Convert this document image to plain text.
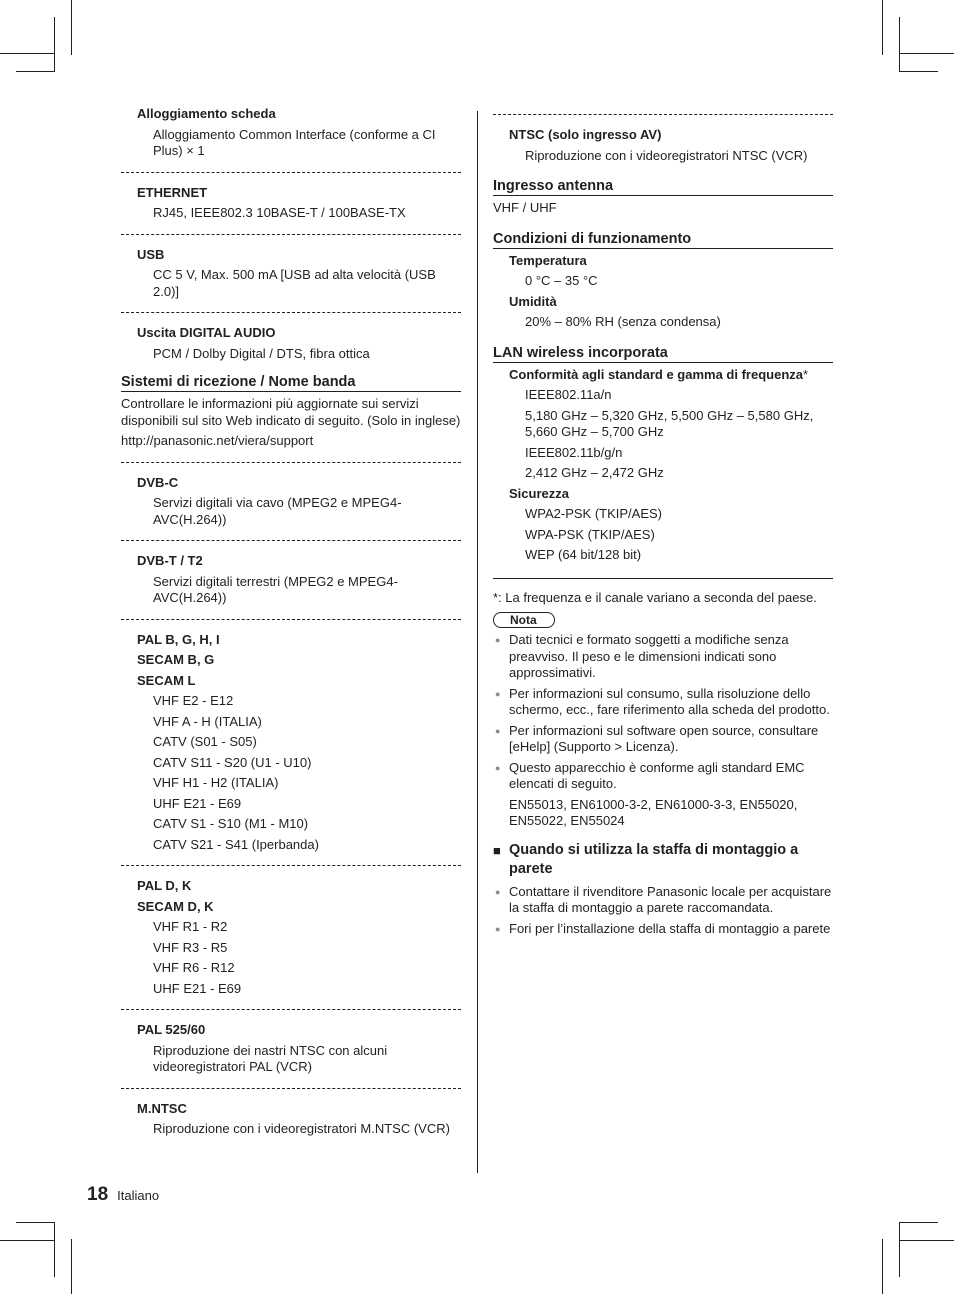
Alloggiamento scheda
Alloggiamento Common Interface (conforme a CI Plus) × 1
ETHERNET
RJ45, IEEE802.3 10BASE-T / 100BASE-TX
USB
CC 5 V, Max. 500 mA [USB ad alta velocità (USB 2.0)]
Uscita DIGITAL AUDIO
PCM / Dolby Digital / DTS, fibra ottica
Sistemi di ricezione / Nome banda
Controllare le informazioni più aggiornate sui servizi disponibili sul sito Web indicato di seguito. (Solo in inglese)
http://panasonic.net/viera/support
DVB-C
Servizi digitali via cavo (MPEG2 e MPEG4-AVC(H.264))
DVB-T / T2
Servizi digitali terrestri (MPEG2 e MPEG4-AVC(H.264))
PAL B, G, H, I
SECAM B, G
SECAM L
VHF E2 - E12
VHF A - H (ITALIA)
CATV (S01 - S05)
CATV S11 - S20 (U1 - U10)
VHF H1 - H2 (ITALIA)
UHF E21 - E69
CATV S1 - S10 (M1 - M10)
CATV S21 - S41 (Iperbanda)
PAL D, K
SECAM D, K
VHF R1 - R2
VHF R3 - R5
VHF R6 - R12
UHF E21 - E69
PAL 525/60
Riproduzione dei nastri NTSC con alcuni videoregistratori PAL (VCR)
M.NTSC
Riproduzione con i videoregistratori M.NTSC (VCR)
NTSC (solo ingresso AV)
Riproduzione con i videoregistratori NTSC (VCR)
Ingresso antenna
VHF / UHF
Condizioni di funzionamento
Temperatura
0 °C – 35 °C
Umidità
20% – 80% RH (senza condensa)
LAN wireless incorporata
Conformità agli standard e gamma di frequenza*
IEEE802.11a/n
5,180 GHz – 5,320 GHz, 5,500 GHz – 5,580 GHz, 5,660 GHz – 5,700 GHz
IEEE802.11b/g/n
2,412 GHz – 2,472 GHz
Sicurezza
WPA2-PSK (TKIP/AES)
WPA-PSK (TKIP/AES)
WEP (64 bit/128 bit)
*: La frequenza e il canale variano a seconda del paese.
Nota
● Dati tecnici e formato soggetti a modifiche senza preavviso. Il peso e le dimensioni indicati sono approssimativi.
● Per informazioni sul consumo, sulla risoluzione dello schermo, ecc., fare riferimento alla scheda del prodotto.
● Per informazioni sul software open source, consultare [eHelp] (Supporto > Licenza).
● Questo apparecchio è conforme agli standard EMC elencati di seguito.
EN55013, EN61000-3-2, EN61000-3-3, EN55020, EN55022, EN55024
■ Quando si utilizza la staffa di montaggio a parete
● Contattare il rivenditore Panasonic locale per acquistare la staffa di montaggio a parete raccomandata.
● Fori per l’installazione della staffa di montaggio a parete
18 Italiano
